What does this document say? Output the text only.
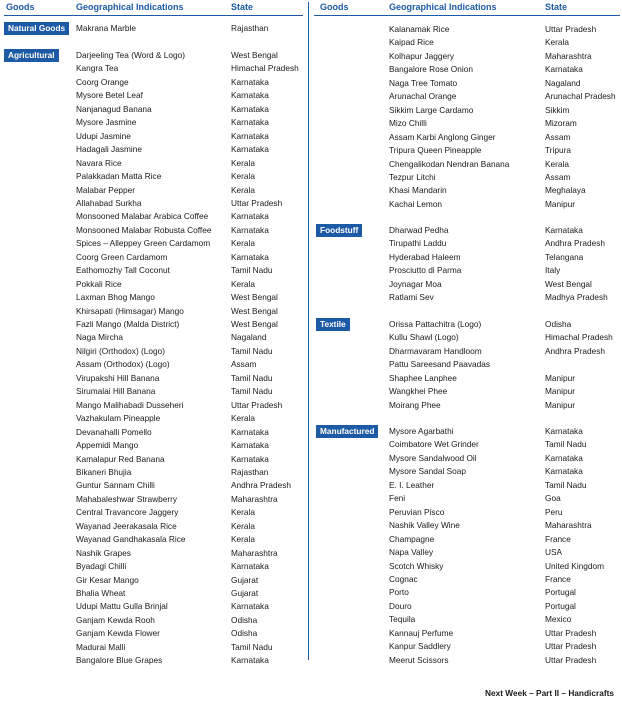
Goods	Geographical Indications	State	Goods	Geographical Indications	State
Natural Goods	Makrana Marble	Rajasthan
Agricultural	Darjeeling Tea (Word & Logo)	West Bengal
Kangra Tea	Himachal Pradesh
Coorg Orange	Karnataka
Mysore Betel Leaf	Karnataka
Nanjanagud Banana	Karnataka
Mysore Jasmine	Karnataka
Udupi Jasmine	Karnataka
Hadagali Jasmine	Karnataka
Navara Rice	Kerala
Palakkadan Matta Rice	Kerala
Malabar Pepper	Kerala
Allahabad Surkha	Uttar Pradesh
Monsooned Malabar Arabica Coffee	Karnataka
Monsooned Malabar Robusta Coffee Karnataka
Spices – Alleppey Green Cardamom	Kerala
Coorg Green Cardamom	Karnataka
Eathomozhy Tall Coconut	Tamil Nadu
Pokkali Rice	Kerala
Laxman Bhog Mango	West Bengal
Khirsapati (Himsagar) Mango	West Bengal
Fazli Mango (Malda District)	West Bengal
Naga Mircha	Nagaland
Nilgiri (Orthodox) (Logo)	Tamil Nadu
Assam (Orthodox) (Logo)	Assam
Virupakshi Hill Banana	Tamil Nadu
Sirumalai Hill Banana	Tamil Nadu
Mango Malihabadi Dusseheri	Uttar Pradesh
Vazhakulam Pineapple	Kerala
Devanahalli Pomello	Karnataka
Appemidi Mango	Karnataka
Kamalapur Red Banana	Karnataka
Bikaneri Bhujia	Rajasthan
Guntur Sannam Chilli	Andhra Pradesh
Mahabaleshwar Strawberry	Maharashtra
Central Travancore Jaggery	Kerala
Wayanad Jeerakasala Rice	Kerala
Wayanad Gandhakasala Rice	Kerala
Nashik Grapes	Maharashtra
Byadagi Chilli	Karnataka
Gir Kesar Mango	Gujarat
Bhalia Wheat	Gujarat
Udupi Mattu Gulla Brinjal	Karnataka
Ganjam Kewda Rooh	Odisha
Ganjam Kewda Flower	Odisha
Madurai Malli	Tamil Nadu
Bangalore Blue Grapes	Karnataka
Kalanamak Rice	Uttar Pradesh
Kaipad Rice	Kerala
Kolhapur Jaggery	Maharashtra
Bangalore Rose Onion	Karnataka
Naga Tree Tomato	Nagaland
Arunachal Orange	Arunachal Pradesh
Sikkim Large Cardamo	Sikkim
Mizo Chilli	Mizoram
Assam Karbi Anglong Ginger	Assam
Tripura Queen Pineapple	Tripura
Chengalikodan Nendran Banana	Kerala
Tezpur Litchi	Assam
Khasi Mandarin	Meghalaya
Kachai Lemon	Manipur
Foodstuff	Dharwad Pedha	Karnataka
Tirupathi Laddu	Andhra Pradesh
Hyderabad Haleem	Telangana
Prosciutto di Parma	Italy
Joynagar Moa	West Bengal
Ratlami Sev	Madhya Pradesh
Textile	Orissa Pattachitra (Logo)	Odisha
Kullu Shawl (Logo)	Himachal Pradesh
Dharmavaram Handloom	Andhra Pradesh
Pattu Sareesand Paavadas
Shaphee Lanphee	Manipur
Wangkhei Phee	Manipur
Moirang Phee	Manipur
Manufactured	Mysore Agarbathi	Karnataka
Coimbatore Wet Grinder	Tamil Nadu
Mysore Sandalwood Oil	Karnataka
Mysore Sandal Soap	Karnataka
E. I. Leather	Tamil Nadu
Feni	Goa
Peruvian Pisco	Peru
Nashik Valley Wine	Maharashtra
Champagne	France
Napa Valley	USA
Scotch Whisky	United Kingdom
Cognac	France
Porto	Portugal
Douro	Portugal
Tequila	Mexico
Kannauj Perfume	Uttar Pradesh
Kanpur Saddlery	Uttar Pradesh
Meerut Scissors	Uttar Pradesh
Next Week – Part II – Handicrafts
